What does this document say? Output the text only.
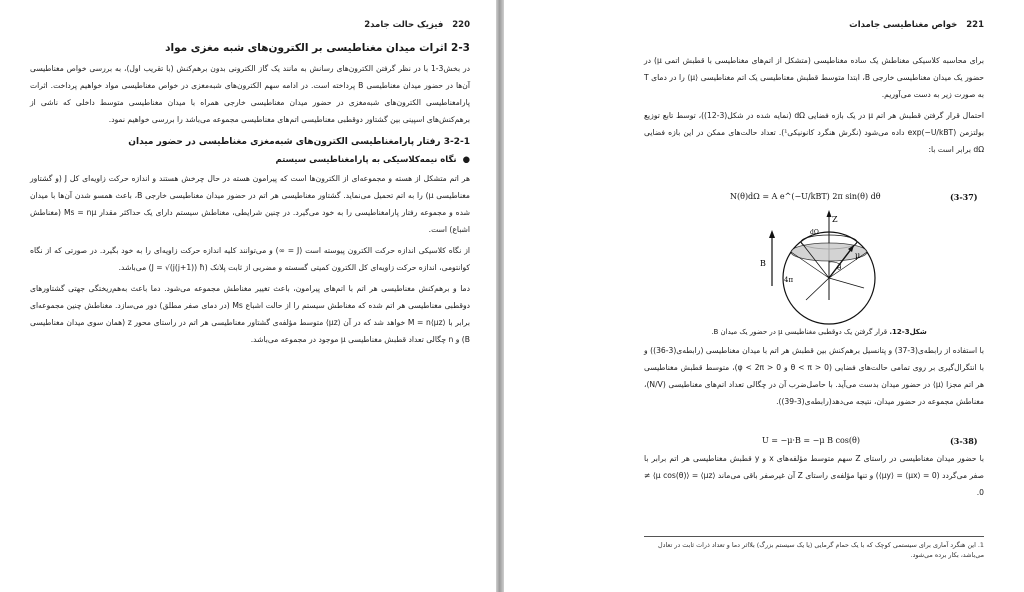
220 فیزیک حالت جامد2
2-3 اثرات میدان مغناطیسی بر الکترون‌های شبه مغزی مواد

در بخش3-1 با در نظر گرفتن الکترون‌های رسانش به مانند یک گاز الکترونی بدون برهم‌کنش (با تقریب اول)، به بررسی خواص مغناطیسی آن‌ها در حضور میدان مغناطیسی B پرداخته است. در ادامه سهم الکترون‌های شبه‌مغزی در خواص مغناطیسی مواد خواهیم پرداخت. اثرات پارامغناطیسی الکترون‌های شبه‌مغزی در حضور میدان مغناطیسی خارجی همراه با میدان مغناطیسی متوسط داخلی که ناشی از برهم‌کنش‌های اسپینی بین گشتاور دوقطبی مغناطیسی اتم‌های مغناطیسی مجموعه می‌باشد را بررسی خواهیم نمود.

3-2-1 رفتار پارامغناطیسی الکترون‌های شبه‌مغزی مغناطیسی در حضور میدان
●نگاه نیمه‌کلاسیکی به پارامغناطیسی سیستم

هر اتم متشکل از هسته و مجموعه‌ای از الکترون‌ها است که پیرامون هسته در حال چرخش هستند و اندازه حرکت زاویه‌ای کل J (و گشتاور مغناطیسی μ) را به اتم تحمیل می‌نماید. گشتاور مغناطیسی هر اتم در حضور میدان مغناطیسی خارجی B، باعث همسو شدن آن‌ها با میدان شده و مجموعه رفتار پارامغناطیسی را به خود می‌گیرد. در چنین شرایطی، مغناطش سیستم دارای یک حداکثر مقدار Ms = nμ (مغناطش اشباع) است.

از نگاه کلاسیکی اندازه حرکت الکترون پیوسته است (J = ∞) و می‌توانند کلیه اندازه حرکت زاویه‌ای را به خود بگیرد. در صورتی که از نگاه کوانتومی، اندازه حرکت زاویه‌ای کل الکترون کمیتی گسسته و مضربی از ثابت پلانک (J = √(j(j+1)) ħ) می‌باشد.

دما و برهم‌کنش مغناطیسی هر اتم با اتم‌های پیرامون، باعث تغییر مغناطش مجموعه می‌شود. دما باعث به‌هم‌ریختگی جهتی گشتاورهای دوقطبی مغناطیسی هر اتم شده که مغناطش سیستم را از حالت اشباع Ms (در دمای صفر مطلق) دور می‌سازد. مغناطش چنین مجموعه‌ای برابر با M = n⟨μz⟩ خواهد شد که در آن ⟨μz⟩ متوسط مؤلفه‌ی گشتاور مغناطیسی هر اتم در راستای محور z (همان سوی میدان مغناطیسی B) و n چگالی تعداد قطبش مغناطیسی μ موجود در مجموعه می‌باشد.

221 خواص مغناطیسی جامدات

برای محاسبه کلاسیکی مغناطش یک ساده مغناطیسی (متشکل از اتم‌های مغناطیسی با قطبش اتمی μ) در حضور یک میدان مغناطیسی خارجی B، ابتدا متوسط قطبش مغناطیسی یک اتم مغناطیسی ⟨μ⟩ را در دمای T به صورت زیر به دست می‌آوریم.

احتمال قرار گرفتن قطبش هر اتم μ در یک بازه فضایی dΩ (نمایه شده در شکل(3-12))، توسط تابع توزیع بولتزمن exp(−U/kBT) داده می‌شود (نگرش هنگرد کانونیکی¹). تعداد حالت‌های ممکن در این بازه فضایی dΩ برابر است با:

N(θ)dΩ = A e^(−U/kBT) 2π sin(θ) dθ	(3-37)
Z
B
μ
θ
dΩ
4π
شکل3-12. قرار گرفتن یک دوقطبی مغناطیسی μ در حضور یک میدان B.

با استفاده از رابطه‌ی(3-37) و پتانسیل برهم‌کنش بین قطبش هر اتم با میدان مغناطیسی (رابطه‌ی(3-36)) و با انتگرال‌گیری بر روی تمامی حالت‌های فضایی (0 < θ < π و 0 < φ < 2π)، متوسط قطبش مغناطیسی هر اتم مجزا ⟨μ⟩ در حضور میدان بدست می‌آید. با حاصل‌ضرب آن در چگالی تعداد اتم‌های مغناطیسی (N/V)، مغناطش مجموعه در حضور میدان، نتیجه می‌دهد(رابطه‌ی(3-39)).

U = −μ·B = −μ B cos(θ)	(3-38)

با حضور میدان مغناطیسی در راستای Z سهم متوسط مؤلفه‌های x و y قطبش مغناطیسی هر اتم برابر با صفر می‌گردد (0 = ⟨μx⟩ = ⟨μy⟩) و تنها مؤلفه‌ی راستای Z آن غیرصفر باقی می‌ماند ⟨μz⟩ = ⟨μ cos(θ)⟩ ≠ 0.

1. این هنگرد آماری برای سیستمی کوچک که با یک حمام گرمایی (یا یک سیستم بزرگ) بلااثر دما و تعداد ذرات ثابت در تعادل می‌باشد، بکار برده می‌شود.
